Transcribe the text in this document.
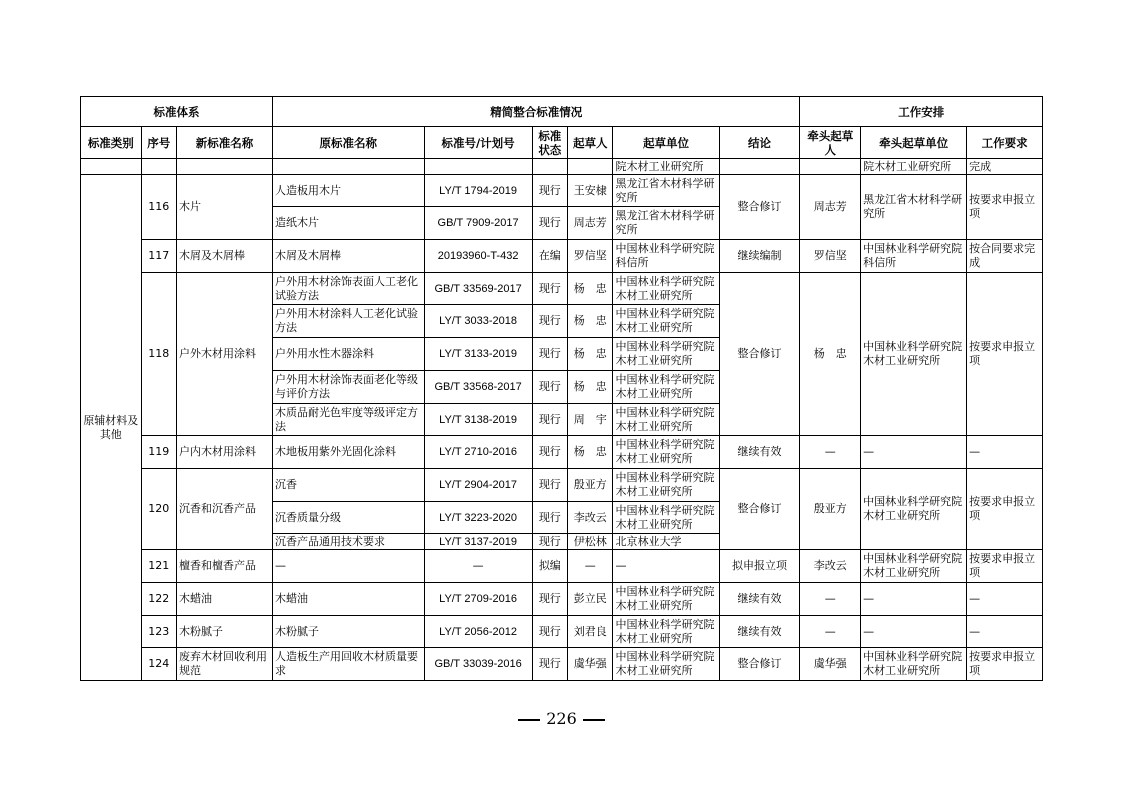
标准体系			精简整合标准情况						工作安排		
标准类别	序号	新标准名称	原标准名称	标准号/计划号	标准状态	起草人	起草单位	结论	牵头起草人	牵头起草单位	工作要求
							院木材工业研究所			院木材工业研究所	完成
原辅材料及其他	116	木片	人造板用木片	LY/T 1794-2019	现行	王安棣	黑龙江省木材科学研究所	整合修订	周志芳	黑龙江省木材科学研究所	按要求申报立项
			造纸木片	GB/T 7909-2017	现行	周志芳	黑龙江省木材科学研究所				
	117	木屑及木屑棒	木屑及木屑棒	20193960-T-432	在编	罗信坚	中国林业科学研究院科信所	继续编制	罗信坚	中国林业科学研究院科信所	按合同要求完成
	118	户外木材用涂料	户外用木材涂饰表面人工老化试验方法	GB/T 33569-2017	现行	杨　忠	中国林业科学研究院木材工业研究所	整合修订	杨　忠	中国林业科学研究院木材工业研究所	按要求申报立项
			户外用木材涂料人工老化试验方法	LY/T 3033-2018	现行	杨　忠	中国林业科学研究院木材工业研究所				
			户外用水性木器涂料	LY/T 3133-2019	现行	杨　忠	中国林业科学研究院木材工业研究所				
			户外用木材涂饰表面老化等级与评价方法	GB/T 33568-2017	现行	杨　忠	中国林业科学研究院木材工业研究所				
			木质品耐光色牢度等级评定方法	LY/T 3138-2019	现行	周　宇	中国林业科学研究院木材工业研究所				
	119	户内木材用涂料	木地板用紫外光固化涂料	LY/T 2710-2016	现行	杨　忠	中国林业科学研究院木材工业研究所	继续有效	—	—	—
	120	沉香和沉香产品	沉香	LY/T 2904-2017	现行	殷亚方	中国林业科学研究院木材工业研究所	整合修订	殷亚方	中国林业科学研究院木材工业研究所	按要求申报立项
			沉香质量分级	LY/T 3223-2020	现行	李改云	中国林业科学研究院木材工业研究所				
			沉香产品通用技术要求	LY/T 3137-2019	现行	伊松林	北京林业大学				
	121	檀香和檀香产品	—	—	拟编	—	—	拟申报立项	李改云	中国林业科学研究院木材工业研究所	按要求申报立项
	122	木蜡油	木蜡油	LY/T 2709-2016	现行	彭立民	中国林业科学研究院木材工业研究所	继续有效	—	—	—
	123	木粉腻子	木粉腻子	LY/T 2056-2012	现行	刘君良	中国林业科学研究院木材工业研究所	继续有效	—	—	—
	124	废弃木材回收利用规范	人造板生产用回收木材质量要求	GB/T 33039-2016	现行	虞华强	中国林业科学研究院木材工业研究所	整合修订	虞华强	中国林业科学研究院木材工业研究所	按要求申报立项
226
